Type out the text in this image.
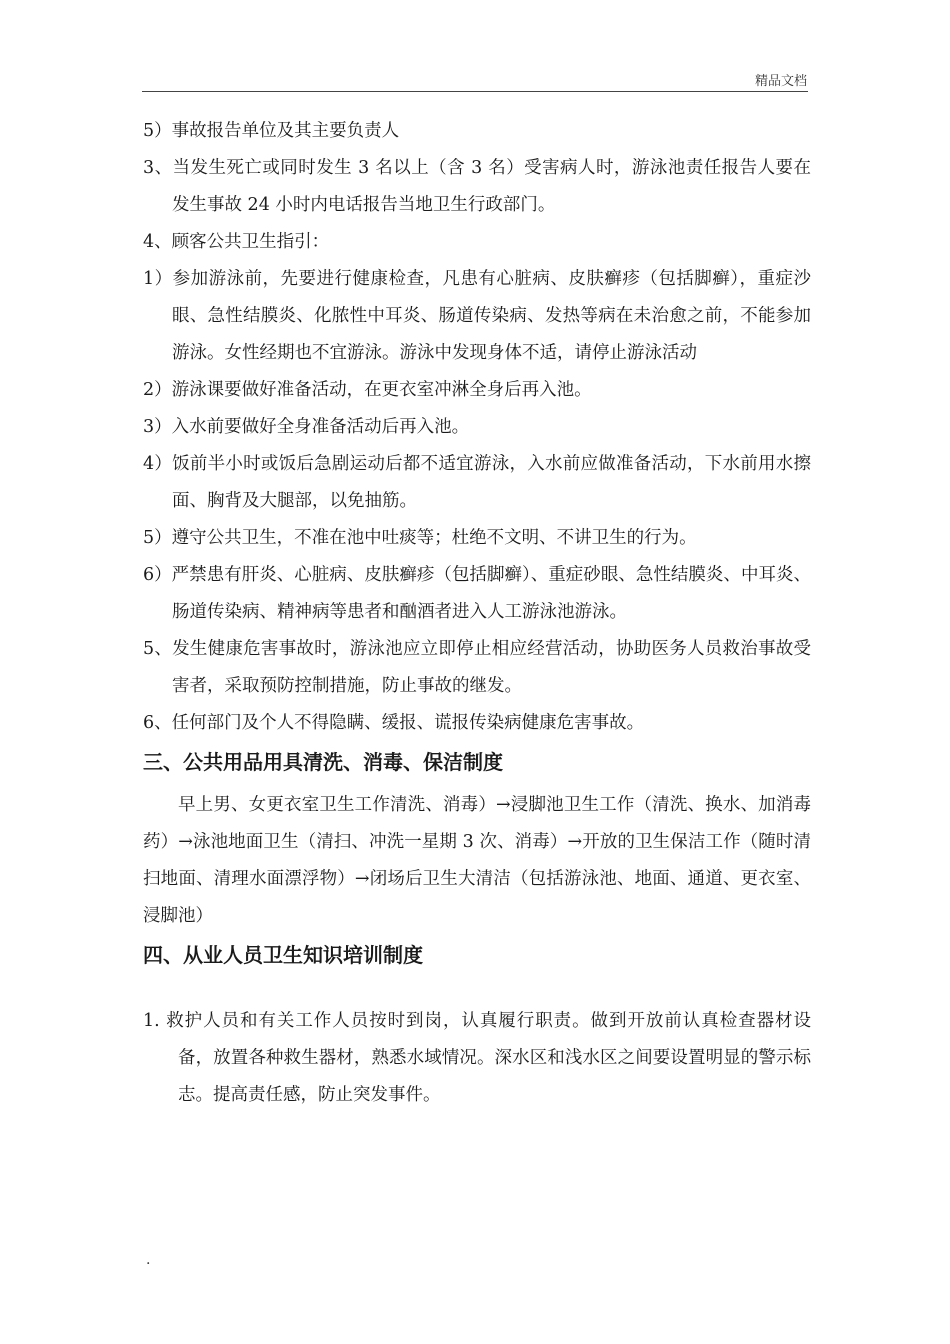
精品文档

5）事故报告单位及其主要负责人

3、当发生死亡或同时发生 3 名以上（含 3 名）受害病人时，游泳池责任报告人要在发生事故 24 小时内电话报告当地卫生行政部门。

4、顾客公共卫生指引：

1）参加游泳前，先要进行健康检查，凡患有心脏病、皮肤癣疹（包括脚癣），重症沙眼、急性结膜炎、化脓性中耳炎、肠道传染病、发热等病在未治愈之前，不能参加游泳。女性经期也不宜游泳。游泳中发现身体不适，请停止游泳活动

2）游泳课要做好准备活动，在更衣室冲淋全身后再入池。

3）入水前要做好全身准备活动后再入池。

4）饭前半小时或饭后急剧运动后都不适宜游泳，入水前应做准备活动，下水前用水擦面、胸背及大腿部，以免抽筋。

5）遵守公共卫生，不准在池中吐痰等；杜绝不文明、不讲卫生的行为。

6）严禁患有肝炎、心脏病、皮肤癣疹（包括脚癣）、重症砂眼、急性结膜炎、中耳炎、 肠道传染病、精神病等患者和酗酒者进入人工游泳池游泳。

5、发生健康危害事故时，游泳池应立即停止相应经营活动，协助医务人员救治事故受害者，采取预防控制措施，防止事故的继发。

6、任何部门及个人不得隐瞒、缓报、谎报传染病健康危害事故。

三、公共用品用具清洗、消毒、保洁制度

早上男、女更衣室卫生工作清洗、消毒）→浸脚池卫生工作（清洗、换水、加消毒药）→泳池地面卫生（清扫、冲洗一星期 3 次、消毒）→开放的卫生保洁工作（随时清扫地面、清理水面漂浮物）→闭场后卫生大清洁（包括游泳池、地面、通道、更衣室、浸脚池）

四、从业人员卫生知识培训制度

1. 救护人员和有关工作人员按时到岗，认真履行职责。做到开放前认真检查器材设备，放置各种救生器材，熟悉水域情况。深水区和浅水区之间要设置明显的警示标志。提高责任感，防止突发事件。

.
